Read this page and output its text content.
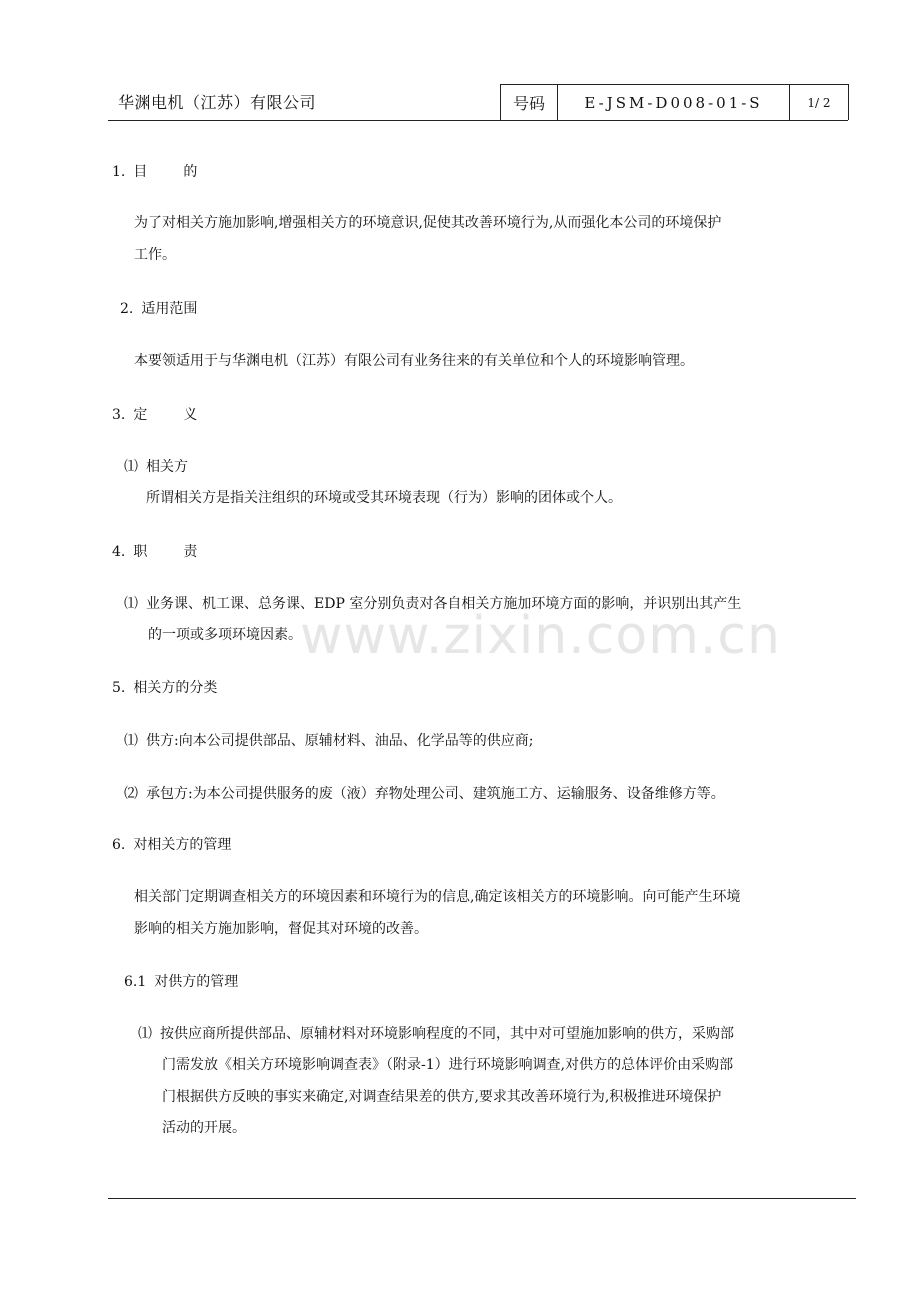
华渊电机（江苏）有限公司	号码	E-JSM-D008-01-S	1/ 2
1. 目	的
为了对相关方施加影响,增强相关方的环境意识,促使其改善环境行为,从而强化本公司的环境保护
工作。
2. 适用范围
本要领适用于与华渊电机（江苏）有限公司有业务往来的有关单位和个人的环境影响管理。
3. 定	义
⑴ 相关方
所谓相关方是指关注组织的环境或受其环境表现（行为）影响的团体或个人。
4. 职	责
⑴ 业务课、机工课、总务课、EDP 室分别负责对各自相关方施加环境方面的影响，并识别出其产生
的一项或多项环境因素。
5. 相关方的分类
⑴ 供方:向本公司提供部品、原辅材料、油品、化学品等的供应商;
⑵ 承包方:为本公司提供服务的废（液）弃物处理公司、建筑施工方、运输服务、设备维修方等。
6. 对相关方的管理
相关部门定期调查相关方的环境因素和环境行为的信息,确定该相关方的环境影响。向可能产生环境
影响的相关方施加影响，督促其对环境的改善。
6.1 对供方的管理
⑴ 按供应商所提供部品、原辅材料对环境影响程度的不同，其中对可望施加影响的供方，采购部
门需发放《相关方环境影响调查表》（附录-1）进行环境影响调查,对供方的总体评价由采购部
门根据供方反映的事实来确定,对调查结果差的供方,要求其改善环境行为,积极推进环境保护
活动的开展。
www.zixin.com.cn
